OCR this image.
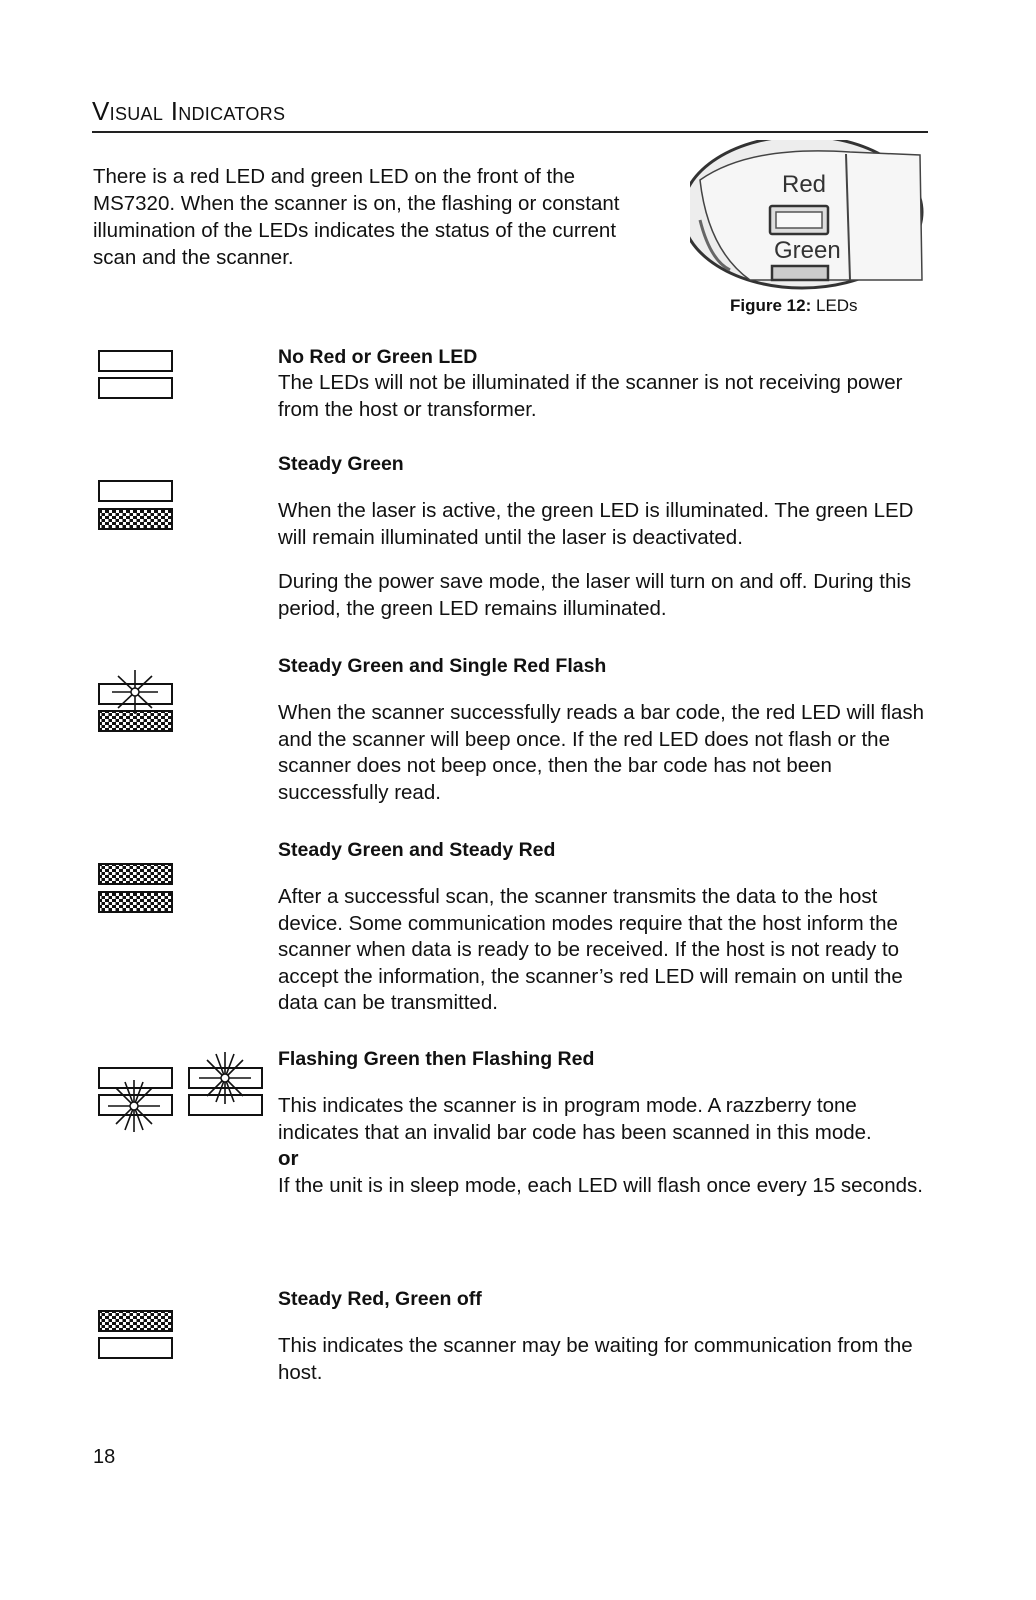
Visual Indicators

There is a red LED and green LED on the front of the MS7320. When the scanner is on, the flashing or constant illumination of the LEDs indicates the status of the current scan and the scanner.

Red
Green
Figure 12: LEDs
No Red or Green LED

The LEDs will not be illuminated if the scanner is not receiving power from the host or transformer.

Steady Green

When the laser is active, the green LED is illuminated. The green LED will remain illuminated until the laser is deactivated.

During the power save mode, the laser will turn on and off. During this period, the green LED remains illuminated.

Steady Green and Single Red Flash

When the scanner successfully reads a bar code, the red LED will flash and the scanner will beep once. If the red LED does not flash or the scanner does not beep once, then the bar code has not been successfully read.

Steady Green and Steady Red

After a successful scan, the scanner transmits the data to the host device. Some communication modes require that the host inform the scanner when data is ready to be received. If the host is not ready to accept the information, the scanner’s red LED will remain on until the data can be transmitted.

Flashing Green then Flashing Red

This indicates the scanner is in program mode. A razzberry tone indicates that an invalid bar code has been scanned in this mode.

or

If the unit is in sleep mode, each LED will flash once every 15 seconds.

Steady Red, Green off

This indicates the scanner may be waiting for communication from the host.

18
